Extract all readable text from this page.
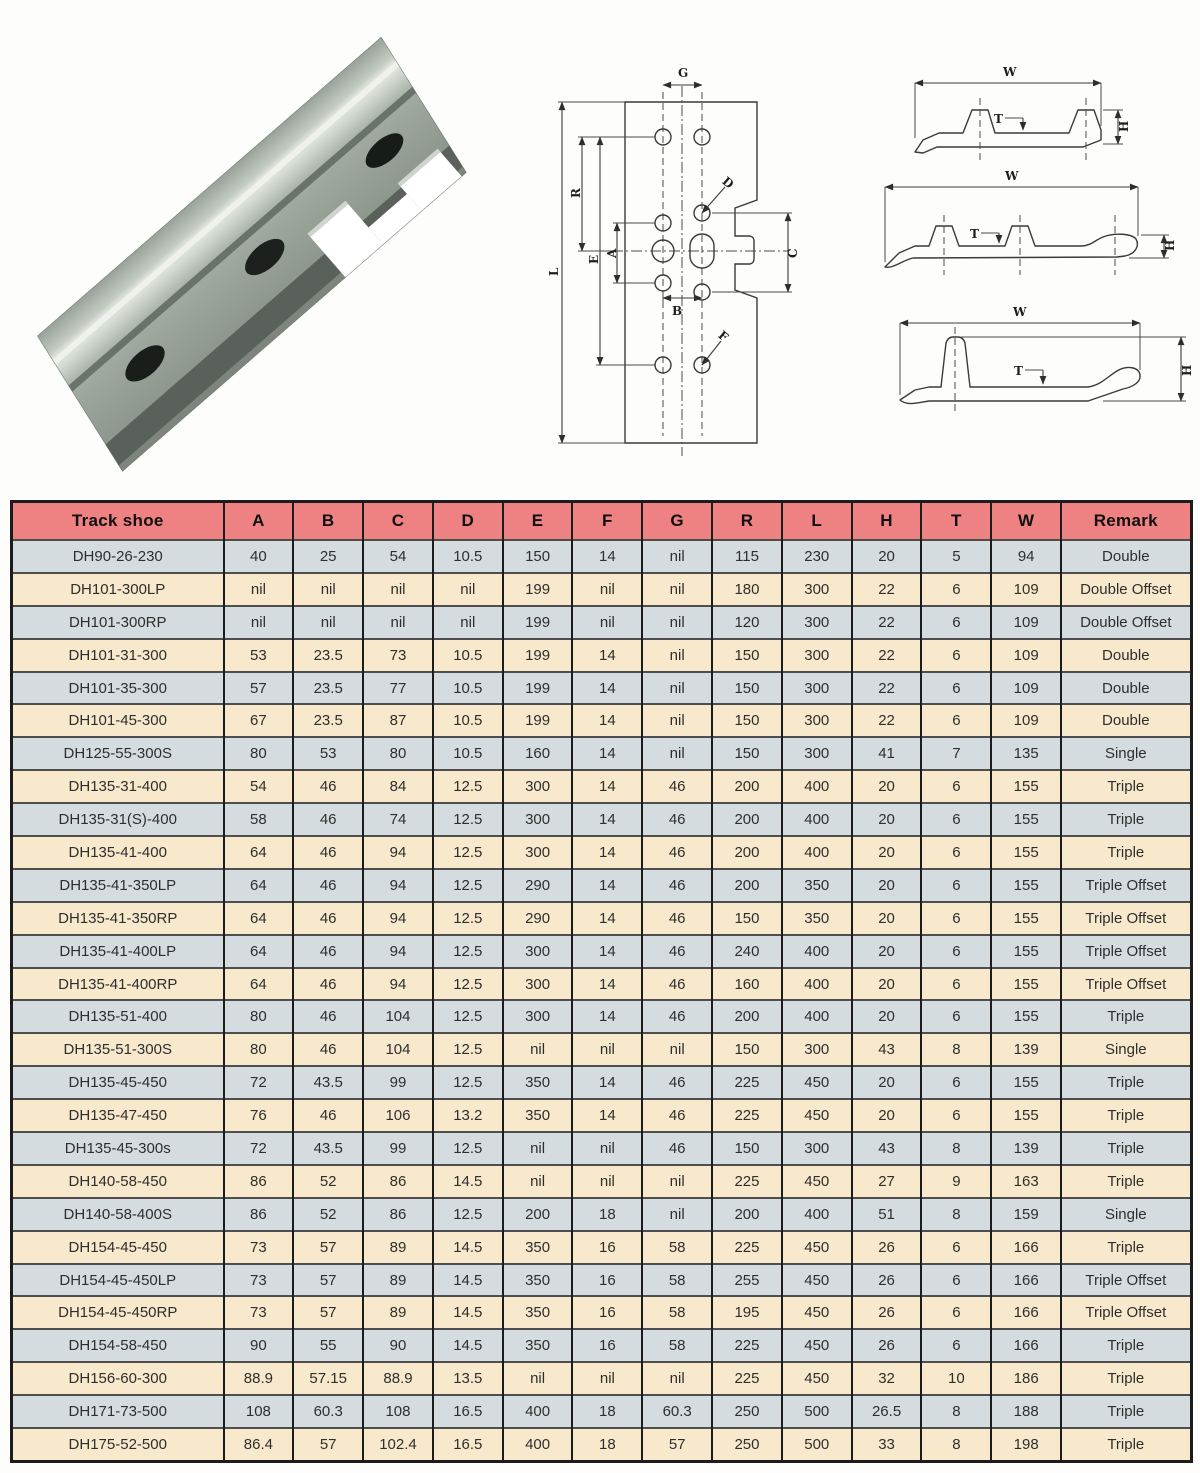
G
L
R
E
A
B
C
D
F
W
H
T
W
H
T
W
H
T
Track shoe	A	B	C	D	E	F	G	R	L	H	T	W	Remark
DH90-26-230	40	25	54	10.5	150	14	nil	115	230	20	5	94	Double
DH101-300LP	nil	nil	nil	nil	199	nil	nil	180	300	22	6	109	Double Offset
DH101-300RP	nil	nil	nil	nil	199	nil	nil	120	300	22	6	109	Double Offset
DH101-31-300	53	23.5	73	10.5	199	14	nil	150	300	22	6	109	Double
DH101-35-300	57	23.5	77	10.5	199	14	nil	150	300	22	6	109	Double
DH101-45-300	67	23.5	87	10.5	199	14	nil	150	300	22	6	109	Double
DH125-55-300S	80	53	80	10.5	160	14	nil	150	300	41	7	135	Single
DH135-31-400	54	46	84	12.5	300	14	46	200	400	20	6	155	Triple
DH135-31(S)-400	58	46	74	12.5	300	14	46	200	400	20	6	155	Triple
DH135-41-400	64	46	94	12.5	300	14	46	200	400	20	6	155	Triple
DH135-41-350LP	64	46	94	12.5	290	14	46	200	350	20	6	155	Triple Offset
DH135-41-350RP	64	46	94	12.5	290	14	46	150	350	20	6	155	Triple Offset
DH135-41-400LP	64	46	94	12.5	300	14	46	240	400	20	6	155	Triple Offset
DH135-41-400RP	64	46	94	12.5	300	14	46	160	400	20	6	155	Triple Offset
DH135-51-400	80	46	104	12.5	300	14	46	200	400	20	6	155	Triple
DH135-51-300S	80	46	104	12.5	nil	nil	nil	150	300	43	8	139	Single
DH135-45-450	72	43.5	99	12.5	350	14	46	225	450	20	6	155	Triple
DH135-47-450	76	46	106	13.2	350	14	46	225	450	20	6	155	Triple
DH135-45-300s	72	43.5	99	12.5	nil	nil	46	150	300	43	8	139	Triple
DH140-58-450	86	52	86	14.5	nil	nil	nil	225	450	27	9	163	Triple
DH140-58-400S	86	52	86	12.5	200	18	nil	200	400	51	8	159	Single
DH154-45-450	73	57	89	14.5	350	16	58	225	450	26	6	166	Triple
DH154-45-450LP	73	57	89	14.5	350	16	58	255	450	26	6	166	Triple Offset
DH154-45-450RP	73	57	89	14.5	350	16	58	195	450	26	6	166	Triple Offset
DH154-58-450	90	55	90	14.5	350	16	58	225	450	26	6	166	Triple
DH156-60-300	88.9	57.15	88.9	13.5	nil	nil	nil	225	450	32	10	186	Triple
DH171-73-500	108	60.3	108	16.5	400	18	60.3	250	500	26.5	8	188	Triple
DH175-52-500	86.4	57	102.4	16.5	400	18	57	250	500	33	8	198	Triple
